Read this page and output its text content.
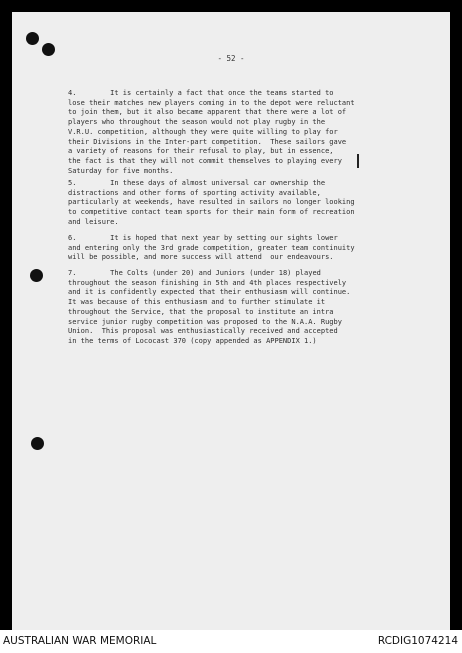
- 52 -
4.	It is certainly a fact that once the teams started to
lose their matches new players coming in to the depot were reluctant
to join them, but it also became apparent that there were a lot of
players who throughout the season would not play rugby in the
V.R.U. competition, although they were quite willing to play for
their Divisions in the Inter-part competition.  These sailors gave
a variety of reasons for their refusal to play, but in essence,
the fact is that they will not commit themselves to playing every
Saturday for five months.
5.	In these days of almost universal car ownership the
distractions and other forms of sporting activity available,
particularly at weekends, have resulted in sailors no longer looking
to competitive contact team sports for their main form of recreation
and leisure.
6.	It is hoped that next year by setting our sights lower
and entering only the 3rd grade competition, greater team continuity
will be possible, and more success will attend  our endeavours.
7.	The Colts (under 20) and Juniors (under 18) played
throughout the season finishing in 5th and 4th places respectively
and it is confidently expected that their enthusiasm will continue.
It was because of this enthusiasm and to further stimulate it
throughout the Service, that the proposal to institute an intra
service junior rugby competition was proposed to the N.A.A. Rugby
Union.  This proposal was enthusiastically received and accepted
in the terms of Lococast 370 (copy appended as APPENDIX 1.)
AUSTRALIAN WAR MEMORIAL	RCDIG1074214
